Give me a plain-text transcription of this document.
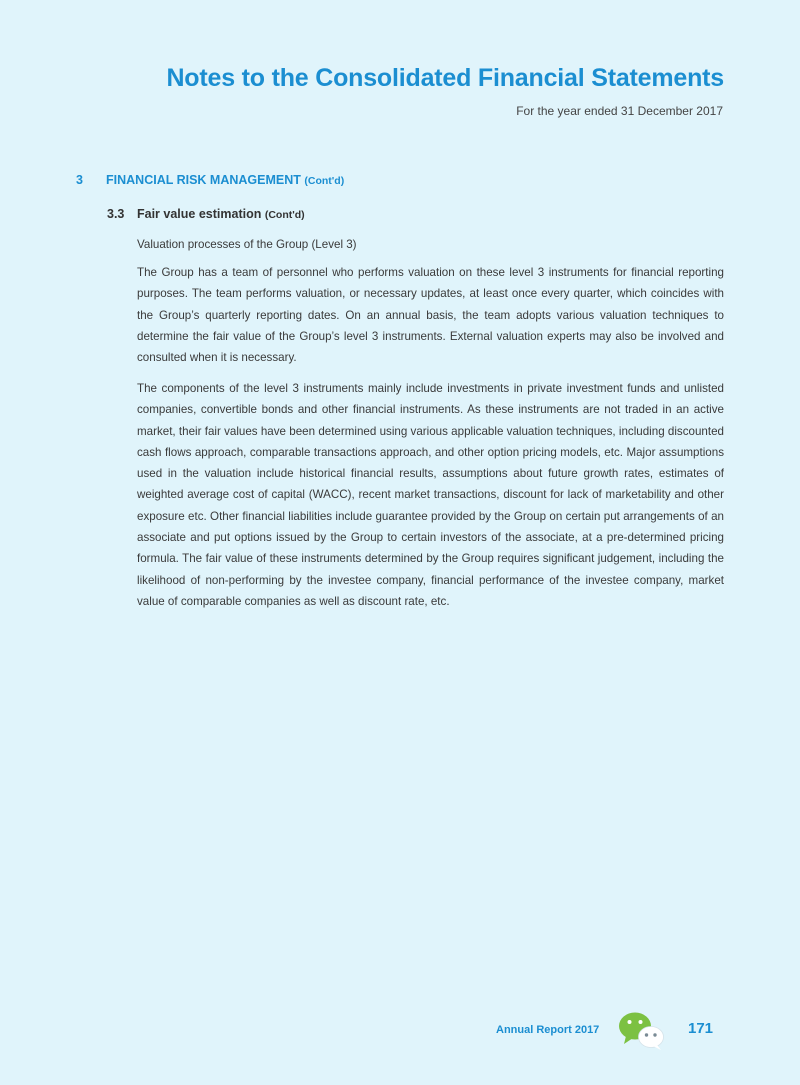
Notes to the Consolidated Financial Statements
For the year ended 31 December 2017
3 FINANCIAL RISK MANAGEMENT (Cont'd)
3.3 Fair value estimation (Cont'd)
Valuation processes of the Group (Level 3)
The Group has a team of personnel who performs valuation on these level 3 instruments for financial reporting purposes. The team performs valuation, or necessary updates, at least once every quarter, which coincides with the Group’s quarterly reporting dates. On an annual basis, the team adopts various valuation techniques to determine the fair value of the Group’s level 3 instruments. External valuation experts may also be involved and consulted when it is necessary.
The components of the level 3 instruments mainly include investments in private investment funds and unlisted companies, convertible bonds and other financial instruments. As these instruments are not traded in an active market, their fair values have been determined using various applicable valuation techniques, including discounted cash flows approach, comparable transactions approach, and other option pricing models, etc. Major assumptions used in the valuation include historical financial results, assumptions about future growth rates, estimates of weighted average cost of capital (WACC), recent market transactions, discount for lack of marketability and other exposure etc. Other financial liabilities include guarantee provided by the Group on certain put arrangements of an associate and put options issued by the Group to certain investors of the associate, at a pre-determined pricing formula. The fair value of these instruments determined by the Group requires significant judgement, including the likelihood of non-performing by the investee company, financial performance of the investee company, market value of comparable companies as well as discount rate, etc.
Annual Report 2017	171
